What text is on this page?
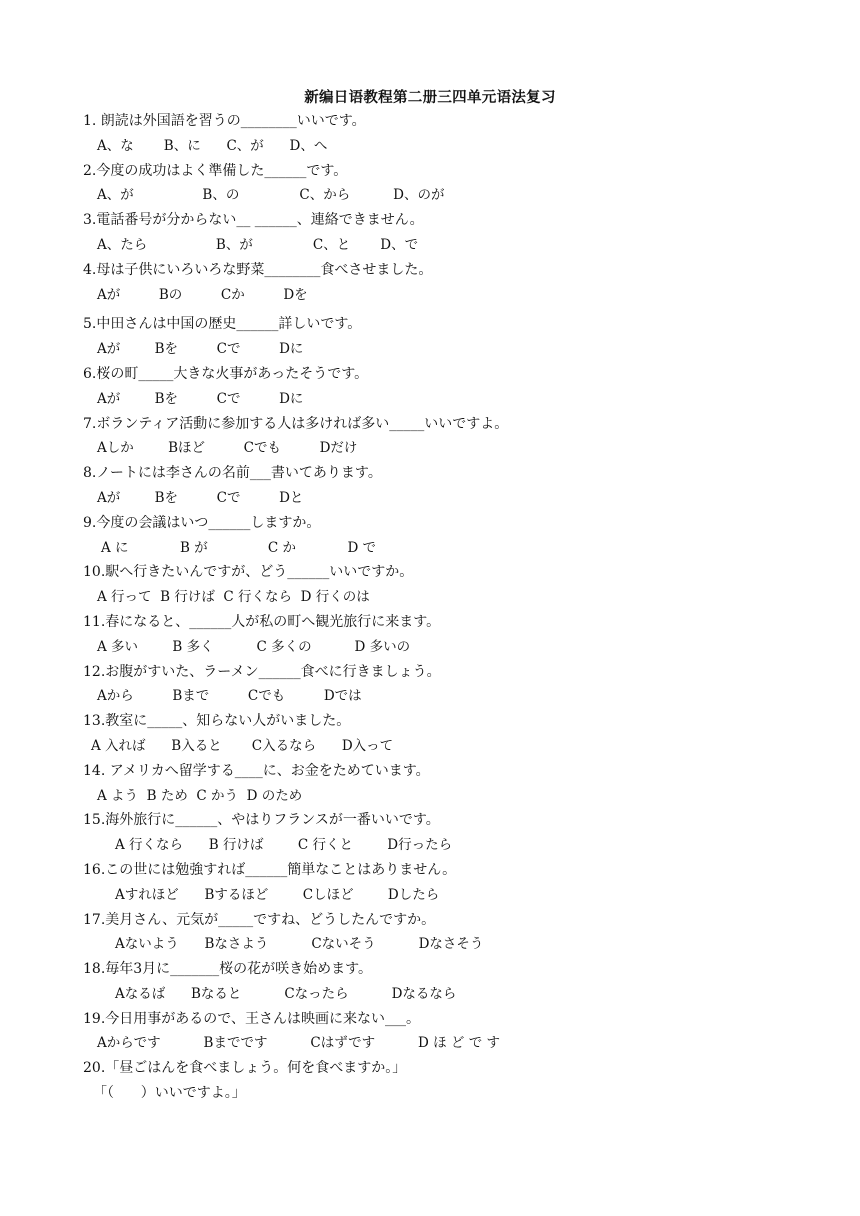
新编日语教程第二册三四单元语法复习
1. 朗読は外国語を習うの________いいです。
A、な       B、に      C、が      D、へ
2.今度の成功はよく準備した______です。
A、が                B、の              C、から          D、のが
3.電話番号が分からない__ ______、連絡できません。
A、たら                B、が              C、と       D、で
4.母は子供にいろいろな野菜________食べさせました。
Aが         Bの         Cか         Dを
5.中田さんは中国の歴史______詳しいです。
Aが        Bを         Cで         Dに
6.桜の町_____大きな火事があったそうです。
Aが        Bを         Cで         Dに
7.ボランティア活動に参加する人は多ければ多い_____いいですよ。
Aしか        Bほど         Cでも         Dだけ
8.ノートには李さんの名前___書いてあります。
Aが        Bを         Cで         Dと
9.今度の会議はいつ______しますか。
A に            B が              C か            D で
10.駅へ行きたいんですが、どう______いいですか。
A 行って  B 行けば  C 行くなら  D 行くのは
11.春になると、______人が私の町へ観光旅行に来ます。
A 多い        B 多く          C 多くの          D 多いの
12.お腹がすいた、ラーメン______食べに行きましょう。
Aから         Bまで         Cでも         Dでは
13.教室に_____、知らない人がいました。
A 入れば      B入ると       C入るなら      D入って
14. アメリカへ留学する____に、お金をためています。
A よう  B ため  C かう  D のため
15.海外旅行に______、やはりフランスが一番いいです。
A 行くなら      B 行けば        C 行くと        D行ったら
16.この世には勉強すれば______簡単なことはありません。
Aすれほど      Bするほど        Cしほど        Dしたら
17.美月さん、元気が_____ですね、どうしたんですか。
Aないよう      Bなさよう          Cないそう          Dなさそう
18.毎年3月に_______桜の花が咲き始めます。
Aなるば      Bなると          Cなったら          Dなるなら
19.今日用事があるので、王さんは映画に来ない___。
Aからです          Bまでです          Cはずです          D ほ ど で す
20.「昼ごはんを食べましょう。何を食べますか。」
「（      ）いいですよ。」
